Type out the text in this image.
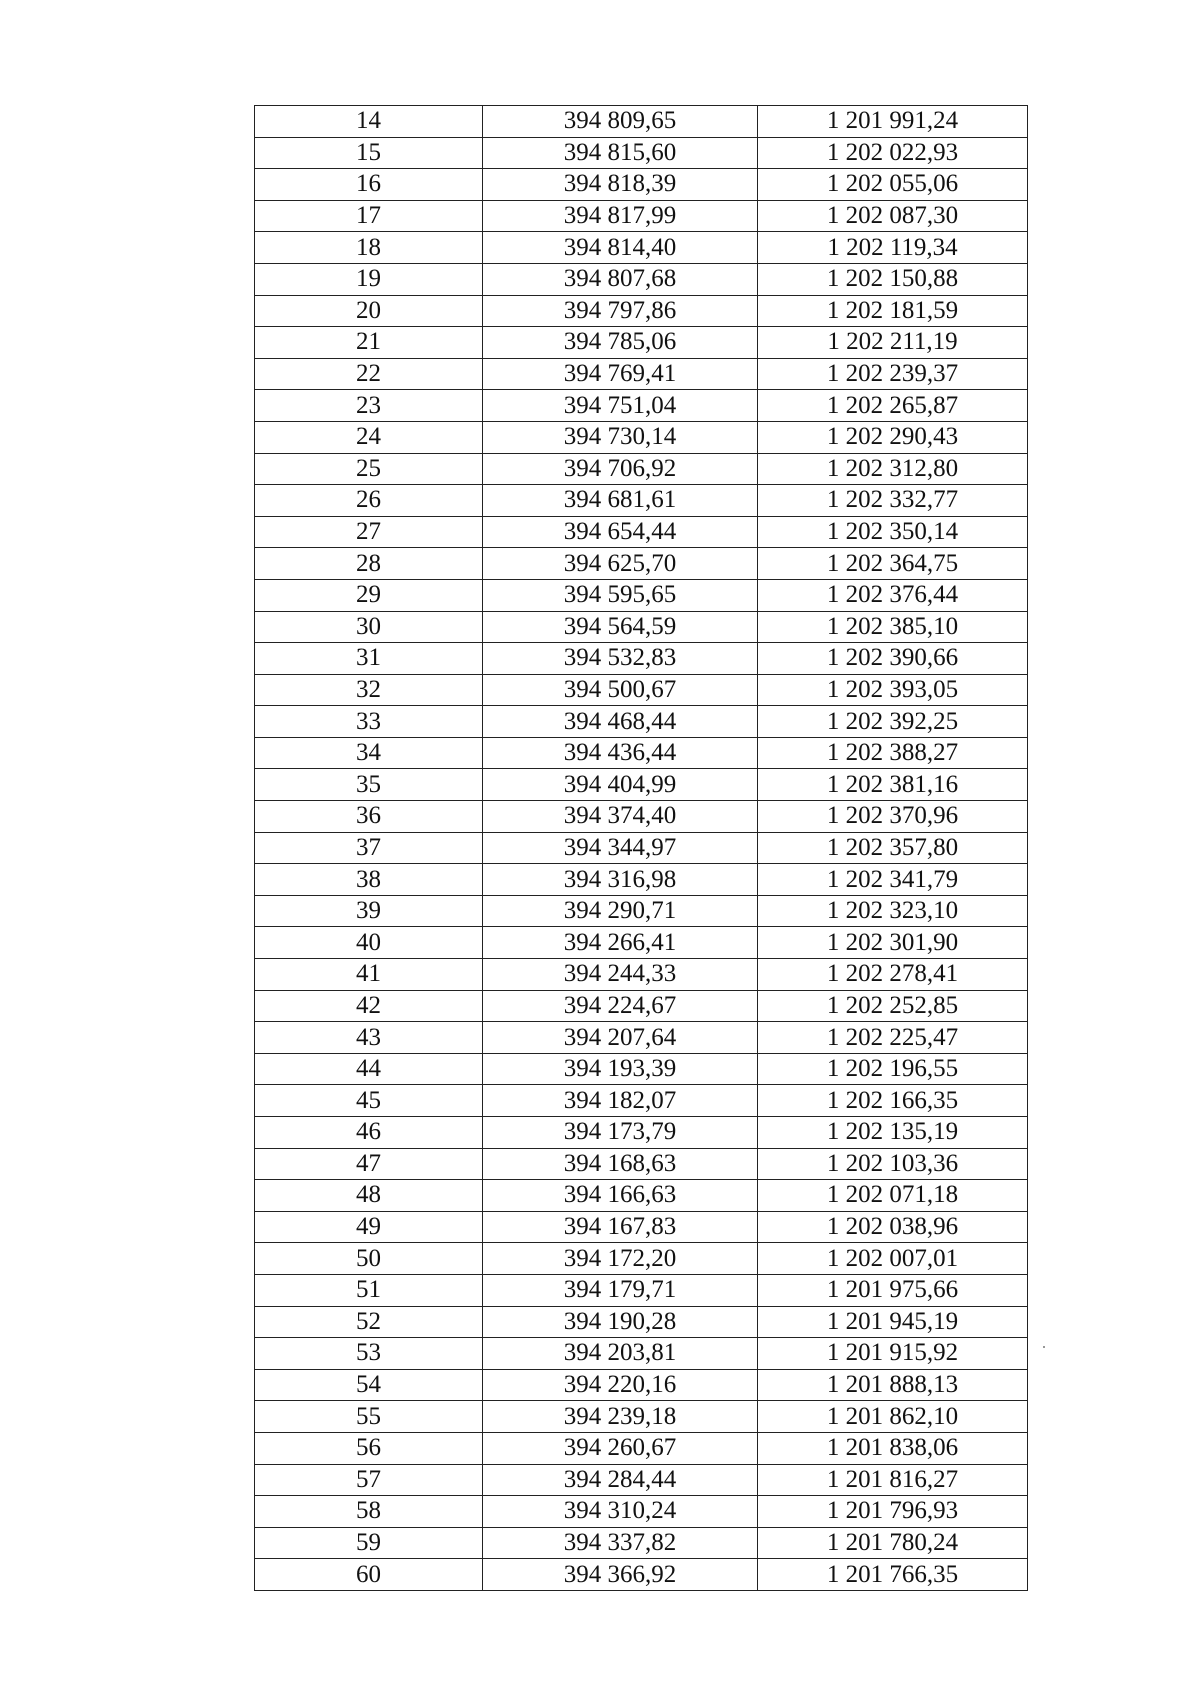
14	394 809,65	1 201 991,24
15	394 815,60	1 202 022,93
16	394 818,39	1 202 055,06
17	394 817,99	1 202 087,30
18	394 814,40	1 202 119,34
19	394 807,68	1 202 150,88
20	394 797,86	1 202 181,59
21	394 785,06	1 202 211,19
22	394 769,41	1 202 239,37
23	394 751,04	1 202 265,87
24	394 730,14	1 202 290,43
25	394 706,92	1 202 312,80
26	394 681,61	1 202 332,77
27	394 654,44	1 202 350,14
28	394 625,70	1 202 364,75
29	394 595,65	1 202 376,44
30	394 564,59	1 202 385,10
31	394 532,83	1 202 390,66
32	394 500,67	1 202 393,05
33	394 468,44	1 202 392,25
34	394 436,44	1 202 388,27
35	394 404,99	1 202 381,16
36	394 374,40	1 202 370,96
37	394 344,97	1 202 357,80
38	394 316,98	1 202 341,79
39	394 290,71	1 202 323,10
40	394 266,41	1 202 301,90
41	394 244,33	1 202 278,41
42	394 224,67	1 202 252,85
43	394 207,64	1 202 225,47
44	394 193,39	1 202 196,55
45	394 182,07	1 202 166,35
46	394 173,79	1 202 135,19
47	394 168,63	1 202 103,36
48	394 166,63	1 202 071,18
49	394 167,83	1 202 038,96
50	394 172,20	1 202 007,01
51	394 179,71	1 201 975,66
52	394 190,28	1 201 945,19
53	394 203,81	1 201 915,92
54	394 220,16	1 201 888,13
55	394 239,18	1 201 862,10
56	394 260,67	1 201 838,06
57	394 284,44	1 201 816,27
58	394 310,24	1 201 796,93
59	394 337,82	1 201 780,24
60	394 366,92	1 201 766,35
